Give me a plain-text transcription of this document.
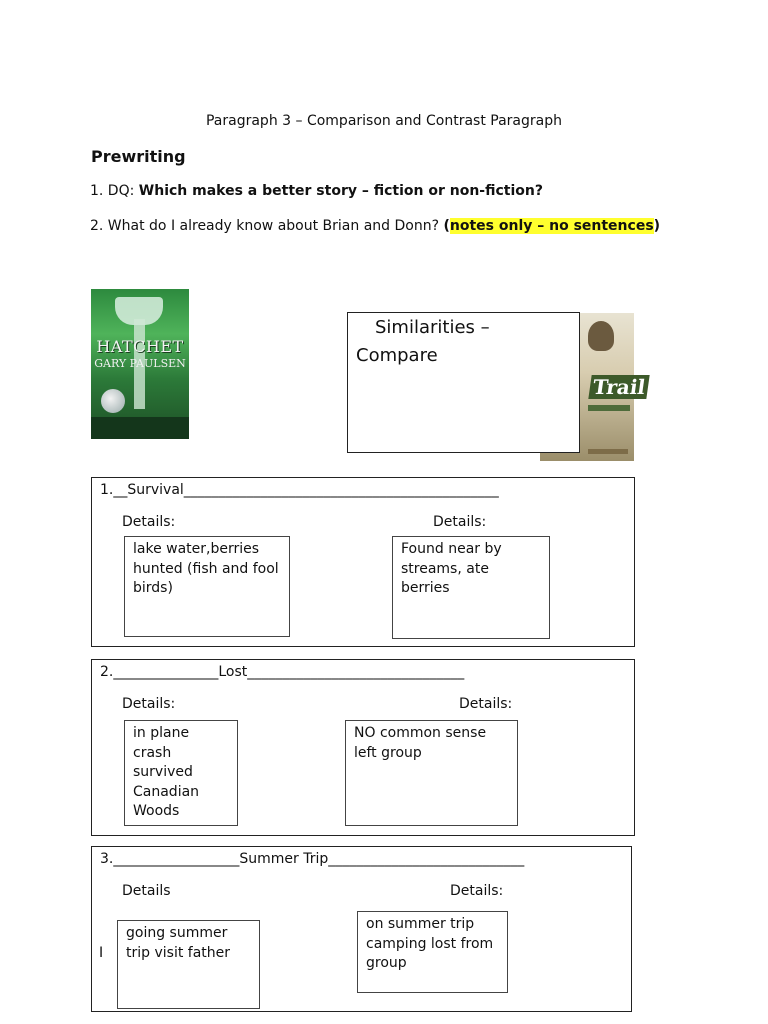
Paragraph 3 – Comparison and Contrast Paragraph
Prewriting
1. DQ: Which makes a better story – fiction or non-fiction?
2. What do I already know about Brian and Donn? (notes only – no sentences)
HATCHET
GARY PAULSEN
Trail
Similarities –
Compare
1.__Survival_____________________________________________
Details:	Details:
lake water,berries
hunted (fish and fool
birds)
Found near by
streams, ate
berries
2._______________Lost_______________________________
Details:	Details:
in plane
crash
survived
Canadian
Woods
NO common sense
left group
3.__________________Summer Trip____________________________
Details	Details:
going summer
trip visit father
on summer trip
camping lost from
group
I
